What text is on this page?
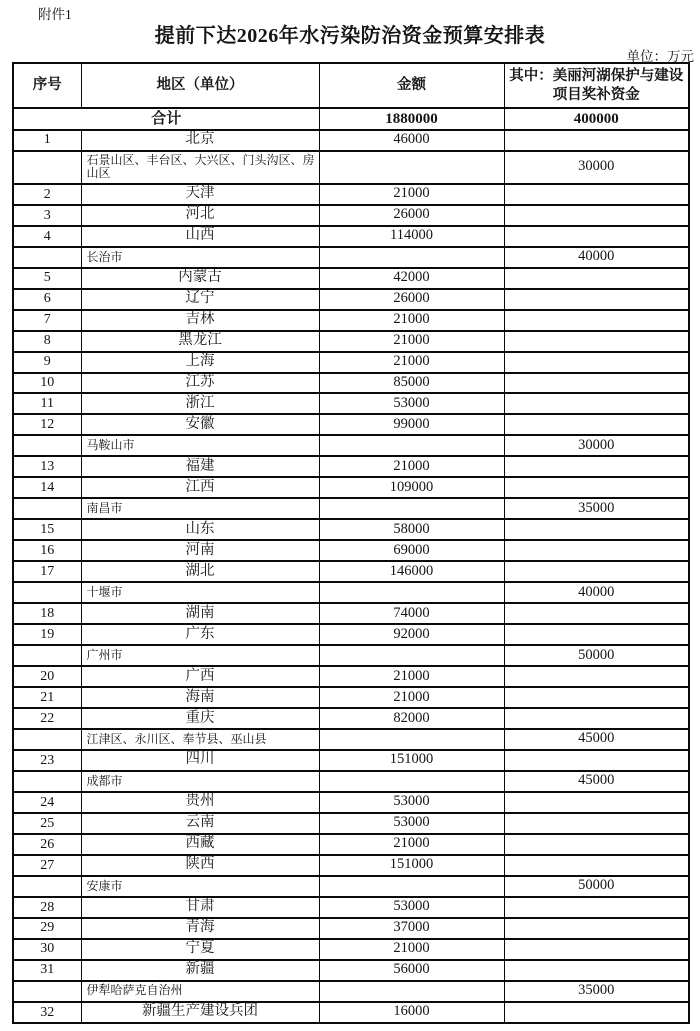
附件1
提前下达2026年水污染防治资金预算安排表
单位：万元
序号	地区（单位）	金额	其中：美丽河湖保护与建设项目奖补资金
合计		1880000	400000
1	北京	46000	
	石景山区、丰台区、大兴区、门头沟区、房山区		30000
2	天津	21000	
3	河北	26000	
4	山西	114000	
	长治市		40000
5	内蒙古	42000	
6	辽宁	26000	
7	吉林	21000	
8	黑龙江	21000	
9	上海	21000	
10	江苏	85000	
11	浙江	53000	
12	安徽	99000	
	马鞍山市		30000
13	福建	21000	
14	江西	109000	
	南昌市		35000
15	山东	58000	
16	河南	69000	
17	湖北	146000	
	十堰市		40000
18	湖南	74000	
19	广东	92000	
	广州市		50000
20	广西	21000	
21	海南	21000	
22	重庆	82000	
	江津区、永川区、奉节县、巫山县		45000
23	四川	151000	
	成都市		45000
24	贵州	53000	
25	云南	53000	
26	西藏	21000	
27	陕西	151000	
	安康市		50000
28	甘肃	53000	
29	青海	37000	
30	宁夏	21000	
31	新疆	56000	
	伊犁哈萨克自治州		35000
32	新疆生产建设兵团	16000	
